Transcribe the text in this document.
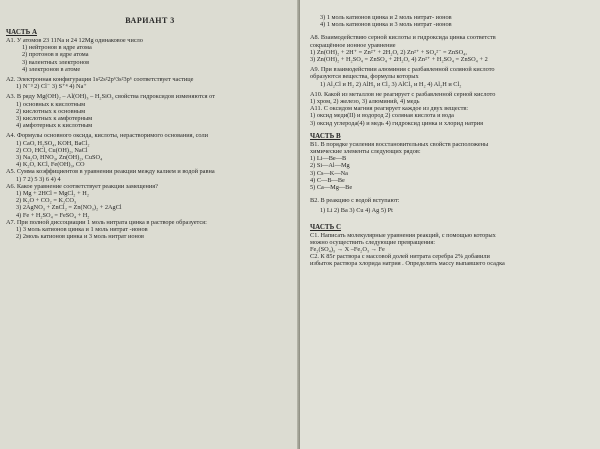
ВАРИАНТ 3
ЧАСТЬ А
А1. У атомов 23 11Na и 24 12Mg одинаковое число
1) нейтронов в ядре атома
2) протонов в ядре атома
3) валентных электронов
4) электронов в атоме
А2. Электронная конфигурация 1s²2s²2p⁶3s²3p⁶ соответствует частице
1) N⁻³ 2) Cl⁻ 3) S⁺⁴ 4) Na⁺
А3. В ряду Mg(OH)₂ – Al(OH)₃ – H₂SiO₃ свойства гидроксидов изменяются от
1) основных к кислотным
2) кислотных к основным
3) кислотных к амфотерным
4) амфотерных к кислотным
А4. Формулы основного оксида, кислоты, нерастворимого основания, соли
1) CaO, H₂SO₄, KOH, BaCl₂
2) CO, HCl, Cu(OH)₂, NaCl
3) Na₂O, HNO₃, Zn(OH)₂, CuSO₄
4) K₂O, KCl, Fe(OH)₃, CO
А5. Сумма коэффициентов в уравнении реакции между калием и водой равна
1) 7 2) 5 3) 6 4) 4
А6. Какое уравнение соответствует реакции замещения?
1) Mg + 2HCl = MgCl₂ + H₂
2) K₂O + CO₂ = K₂CO₃
3) 2AgNO₃ + ZnCl₂ = Zn(NO₃)₂ + 2AgCl
4) Fe + H₂SO₄ = FeSO₄ + H₂
А7. При полной диссоциации 1 моль нитрата цинка в растворе образуется:
1) 3 моль катионов цинка и 1 моль нитрат -ионов
2) 2моль катионов цинка и 3 моль нитрат ионов
3) 1 моль катионов цинка и 2 моль нитрат- ионов
4) 1 моль катионов цинка и 3 моль нитрат -ионов
А8. Взаимодействию серной кислоты и гидроксида цинка соответств
сокращённое ионное уравнение
1) Zn(OH)₂ + 2H⁺ = Zn²⁺ + 2H₂O, 2) Zn²⁺ + SO₄²⁻ = ZnSO₄,
3) Zn(OH)₂ + H₂SO₄ = ZnSO₄ + 2H₂O, 4) Zn²⁺ + H₂SO₄ = ZnSO₄ + 2
А9. При взаимодействии алюминия с разбавленной соляной кислото
образуются вещества, формулы которых
1) Al₂Cl и H₂ 2) AlH₃ и Cl₂ 3) AlCl₃ и H₂ 4) Al₂H и Cl₂
А10. Какой из металлов не реагирует с разбавленной серной кислото
1) хром, 2) железо, 3) алюминий, 4) медь
А11. С оксидом магния реагирует каждое из двух веществ:
1) оксид меди(II) и водород 2) соляная кислота и вода
3) оксид углерода(4) и медь 4) гидроксид цинка и хлорид натрия
ЧАСТЬ В
В1. В порядке усиления восстановительных свойств расположены
химические элементы следующих рядов:
1) Li—Be—B
2) Si—Al—Mg
3) Cs—K—Na
4) C—B—Be
5) Ca—Mg—Be
В2. В реакцию с водой вступают:
1) Li 2) Ba 3) Cu 4) Ag 5) Pt
ЧАСТЬ С
С1. Написать молекулярные уравнения реакций, с помощью которых
можно осуществить следующие превращения:
Fe₂(SO₄)₃ → X –Fe₂O₃ → Fe
С2. К 85г раствора с массовой долей нитрата серебра 2% добавили
избыток раствора хлорида натрия . Определить массу выпавшего осадка
